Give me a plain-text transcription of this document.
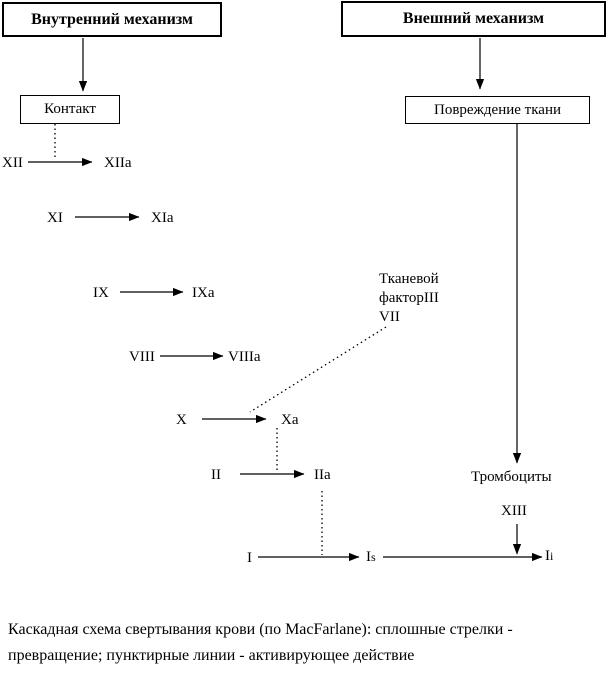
Внутренний механизм	Внешний механизм
Контакт	Повреждение ткани
XII	XIIa
XI	XIa
IX	IXa
VIII	VIIIa
X	Xa
II	IIa
I
XIII
Is	Ii
Тканевой
факторIII
VII
Тромбоциты
Каскадная схема свертывания крови (по MacFarlane): сплошные стрелки -
превращение; пунктирные линии - активирующее действие
